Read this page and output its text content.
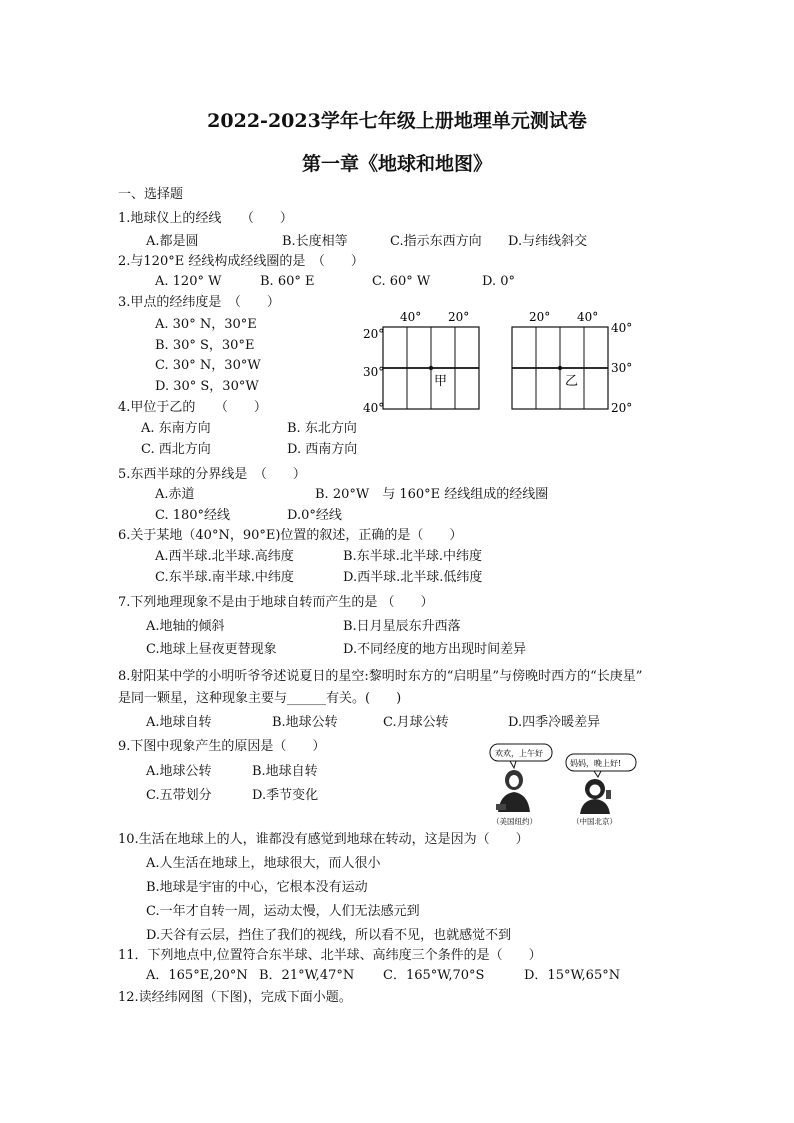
2022-2023学年七年级上册地理单元测试卷
第一章《地球和地图》
一、选择题
1.地球仪上的经线　　（　　）
A.都是圆	B.长度相等	C.指示东西方向 D.与纬线斜交
2.与120°E 经线构成经线圈的是　（　　）
A. 120° W	B. 60° E	C. 60° W	D. 0°
3.甲点的经纬度是　（　　）
A. 30° N，30°E
B. 30° S，30°E
C. 30° N，30°W
D. 30° S，30°W
40° 20°
20°
30°
40°
甲
20° 40°
40°
30°
20°
乙
4.甲位于乙的　　（　　）
A. 东南方向	B. 东北方向
C. 西北方向	D. 西南方向
5.东西半球的分界线是　（　　）
A.赤道	B. 20°W　与 160°E 经线组成的经线圈
C. 180°经线	D.0°经线
6.关于某地（40°N，90°E)位置的叙述，正确的是（　　）
A.西半球.北半球.高纬度	B.东半球.北半球.中纬度
C.东半球.南半球.中纬度	D.西半球.北半球.低纬度
7.下列地理现象不是由于地球自转而产生的是 （　　）
A.地轴的倾斜	B.日月星辰东升西落
C.地球上昼夜更替现象	D.不同经度的地方出现时间差异
8.射阳某中学的小明听爷爷述说夏日的星空:黎明时东方的“启明星”与傍晚时西方的“长庚星”
是同一颗星，这种现象主要与______有关。(　　)
A.地球自转	B.地球公转	C.月球公转	D.四季冷暖差异
9.下图中现象产生的原因是（　　）
A.地球公转	B.地球自转
C.五带划分	D.季节变化
欢欢，上午好
妈妈，晚上好!
（美国纽约）	（中国北京）
10.生活在地球上的人，谁都没有感觉到地球在转动，这是因为（　　）
A.人生活在地球上，地球很大，而人很小
B.地球是宇宙的中心，它根本没有运动
C.一年才自转一周，运动太慢，人们无法感元到
D.天谷有云层，挡住了我们的视线，所以看不见，也就感觉不到
11．下列地点中,位置符合东半球、北半球、高纬度三个条件的是（　　）
A．165°E,20°N B．21°W,47°N C．165°W,70°S	D．15°W,65°N
12.读经纬网图（下图)，完成下面小题。
